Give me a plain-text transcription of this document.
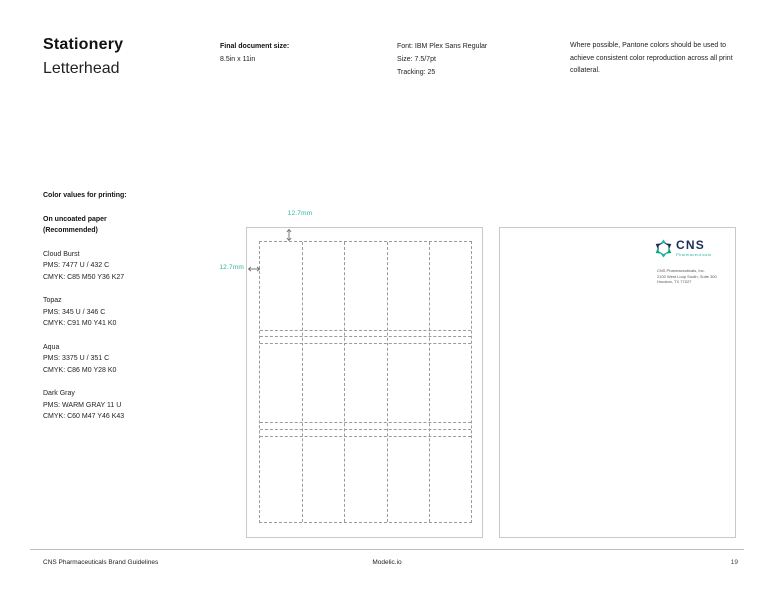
Stationery
Letterhead
Final document size:
8.5in x 11in
Font: IBM Plex Sans Regular
Size: 7.5/7pt
Tracking: 25
Where possible, Pantone colors should be used to achieve consistent color reproduction across all print collateral.
Color values for printing:
On uncoated paper
(Recommended)
Cloud Burst
PMS: 7477 U / 432 C
CMYK: C85 M50 Y36 K27
Topaz
PMS: 345 U / 346 C
CMYK: C91 M0 Y41 K0
Aqua
PMS: 3375 U / 351 C
CMYK: C86 M0 Y28 K0
Dark Gray
PMS: WARM GRAY 11 U
CMYK: C60 M47 Y46 K43
12.7mm
12.7mm
CNS
Pharmaceuticals
CNS Pharmaceuticals, Inc.
2100 West Loop South, Suite 300
Houston, TX 77027
CNS Pharmaceuticals Brand Guidelines	Modelic.io	19
